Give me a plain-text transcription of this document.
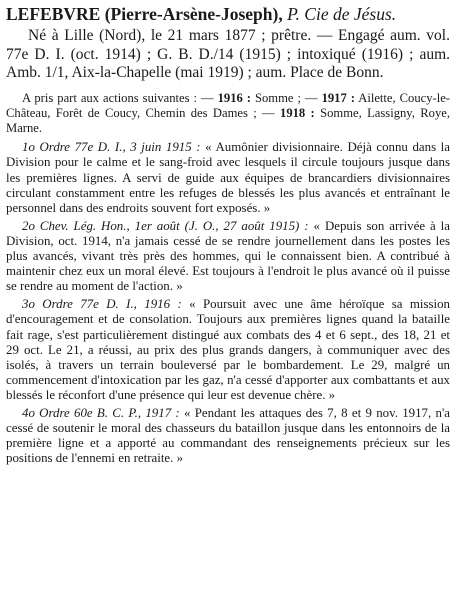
LEFEBVRE (Pierre-Arsène-Joseph), P. Cie de Jésus.

Né à Lille (Nord), le 21 mars 1877 ; prêtre. — Engagé aum. vol. 77e D. I. (oct. 1914) ; G. B. D./14 (1915) ; intoxiqué (1916) ; aum. Amb. 1/1, Aix-la-Chapelle (mai 1919) ; aum. Place de Bonn.

A pris part aux actions suivantes : — 1916 : Somme ; — 1917 : Ailette, Coucy-le-Château, Forêt de Coucy, Chemin des Dames ; — 1918 : Somme, Lassigny, Roye, Marne.

1o Ordre 77e D. I., 3 juin 1915 : « Aumônier divisionnaire. Déjà connu dans la Division pour le calme et le sang-froid avec lesquels il circule toujours jusque dans les premières lignes. A servi de guide aux équipes de brancardiers divisionnaires circulant constamment entre les refuges de blessés les plus avancés et entraînant le personnel dans des endroits souvent fort exposés. »

2o Chev. Lég. Hon., 1er août (J. O., 27 août 1915) : « Depuis son arrivée à la Division, oct. 1914, n'a jamais cessé de se rendre journellement dans les postes les plus avancés, vivant très près des hommes, qui le connaissent bien. A contribué à maintenir chez eux un moral élevé. Est toujours à l'endroit le plus avancé où il puisse se rendre au moment de l'action. »

3o Ordre 77e D. I., 1916 : « Poursuit avec une âme héroïque sa mission d'encouragement et de consolation. Toujours aux premières lignes quand la bataille fait rage, s'est particulièrement distingué aux combats des 4 et 6 sept., des 18, 21 et 29 oct. Le 21, a réussi, au prix des plus grands dangers, à communiquer avec des isolés, à travers un terrain bouleversé par le bombardement. Le 29, malgré un commencement d'intoxication par les gaz, n'a cessé d'apporter aux combattants et aux blessés le réconfort d'une présence qui leur est devenue chère. »

4o Ordre 60e B. C. P., 1917 : « Pendant les attaques des 7, 8 et 9 nov. 1917, n'a cessé de soutenir le moral des chasseurs du bataillon jusque dans les entonnoirs de la première ligne et a apporté au commandant des renseignements précieux sur les positions de l'ennemi en retraite. »
